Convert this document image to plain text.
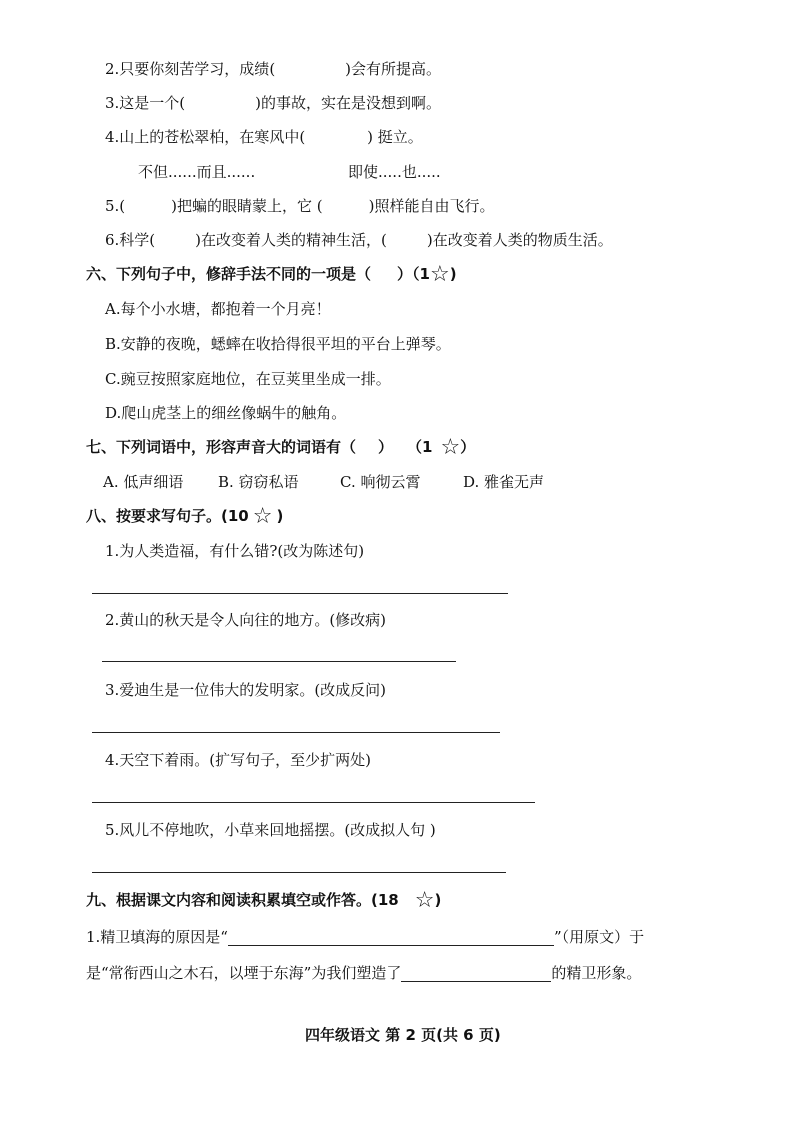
2.只要你刻苦学习，成绩(	)会有所提高。
3.这是一个(	)的事故，实在是没想到啊。
4.山上的苍松翠柏，在寒风中(	) 挺立。
不但......而且......	即使.....也.....
5.(	)把蝙的眼睛蒙上，它 (	)照样能自由飞行。
6.科学(	)在改变着人类的精神生活，(	)在改变着人类的物质生活。
六、下列句子中，修辞手法不同的一项是（ ）（1☆)
A.每个小水塘，都抱着一个月亮！
B.安静的夜晚，蟋蟀在收拾得很平坦的平台上弹琴。
C.豌豆按照家庭地位，在豆荚里坐成一排。
D.爬山虎茎上的细丝像蜗牛的触角。
七、下列词语中，形容声音大的词语有（ ） （1 ☆）
A. 低声细语 B. 窃窃私语	C. 响彻云霄	D. 雅雀无声
八、按要求写句子。(10 ☆ )
1.为人类造福，有什么错?(改为陈述句)
2.黄山的秋天是令人向往的地方。(修改病)
3.爱迪生是一位伟大的发明家。(改成反问)
4.天空下着雨。(扩写句子，至少扩两处)
5.风儿不停地吹，小草来回地摇摆。(改成拟人句 )
九、根据课文内容和阅读积累填空或作答。(18 ☆)
1.精卫填海的原因是“	”（用原文）于
是“常衔西山之木石，以堙于东海”为我们塑造了	的精卫形象。
四年级语文 第 2 页(共 6 页)
